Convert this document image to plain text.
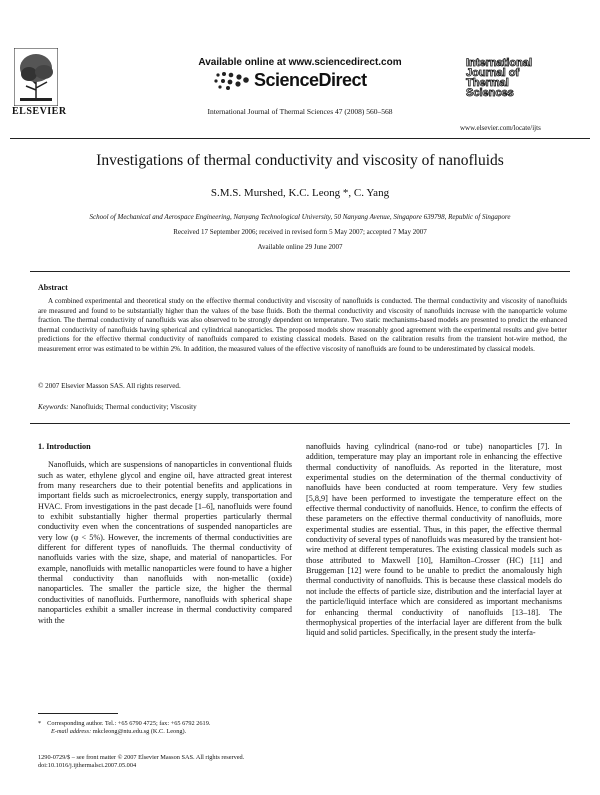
ELSEVIER
Available online at www.sciencedirect.com
ScienceDirect
International Journal of Thermal Sciences 47 (2008) 560–568
International
Journal of
Thermal
Sciences
www.elsevier.com/locate/ijts
Investigations of thermal conductivity and viscosity of nanofluids
S.M.S. Murshed, K.C. Leong *, C. Yang
School of Mechanical and Aerospace Engineering, Nanyang Technological University, 50 Nanyang Avenue, Singapore 639798, Republic of Singapore
Received 17 September 2006; received in revised form 5 May 2007; accepted 7 May 2007
Available online 29 June 2007
Abstract
A combined experimental and theoretical study on the effective thermal conductivity and viscosity of nanofluids is conducted. The thermal conductivity and viscosity of nanofluids are measured and found to be substantially higher than the values of the base fluids. Both the thermal conductivity and viscosity of nanofluids increase with the nanoparticle volume fraction. The thermal conductivity of nanofluids was also observed to be strongly dependent on temperature. Two static mechanisms-based models are presented to predict the enhanced thermal conductivity of nanofluids having spherical and cylindrical nanoparticles. The proposed models show reasonably good agreement with the experimental results and give better predictions for the effective thermal conductivity of nanofluids compared to existing classical models. Based on the calibration results from the transient hot-wire method, the measurement error was estimated to be within 2%. In addition, the measured values of the effective viscosity of nanofluids are found to be underestimated by classical models.
© 2007 Elsevier Masson SAS. All rights reserved.
Keywords: Nanofluids; Thermal conductivity; Viscosity
1. Introduction

Nanofluids, which are suspensions of nanoparticles in conventional fluids such as water, ethylene glycol and engine oil, have attracted great interest from many researchers due to their potential benefits and applications in important fields such as microelectronics, energy supply, transportation and HVAC. From investigations in the past decade [1–6], nanofluids were found to exhibit substantially higher thermal properties particularly thermal conductivity even when the concentrations of suspended nanoparticles are very low (φ < 5%). However, the increments of thermal conductivities are different for different types of nanofluids. The thermal conductivity of nanofluids varies with the size, shape, and material of nanoparticles. For example, nanofluids with metallic nanoparticles were found to have a higher thermal conductivity than nanofluids with non-metallic (oxide) nanoparticles. The smaller the particle size, the higher the thermal conductivities of nanofluids. Furthermore, nanofluids with spherical shape nanoparticles exhibit a smaller increase in thermal conductivity compared with the

nanofluids having cylindrical (nano-rod or tube) nanoparticles [7]. In addition, temperature may play an important role in enhancing the effective thermal conductivity of nanofluids. As reported in the literature, most experimental studies on the determination of the thermal conductivity of nanofluids have been conducted at room temperature. Very few studies [5,8,9] have been performed to investigate the temperature effect on the effective thermal conductivity of nanofluids. Hence, to confirm the effects of these parameters on the effective thermal conductivity of nanofluids, more experimental studies are essential. Thus, in this paper, the effective thermal conductivity of several types of nanofluids was measured by the transient hot-wire method at different temperatures. The existing classical models such as those attributed to Maxwell [10], Hamilton–Crosser (HC) [11] and Bruggeman [12] were found to be unable to predict the anomalously high thermal conductivity of nanofluids. This is because these classical models do not include the effects of particle size, distribution and the interfacial layer at the particle/liquid interface which are considered as important mechanisms for enhancing thermal conductivity of nanofluids [13–18]. The thermophysical properties of the interfacial layer are different from the bulk liquid and solid particles. Specifically, in the present study the interfa-

* Corresponding author. Tel.: +65 6790 4725; fax: +65 6792 2619.
E-mail address: mkcleong@ntu.edu.sg (K.C. Leong).
1290-0729/$ – see front matter © 2007 Elsevier Masson SAS. All rights reserved.
doi:10.1016/j.ijthermalsci.2007.05.004
